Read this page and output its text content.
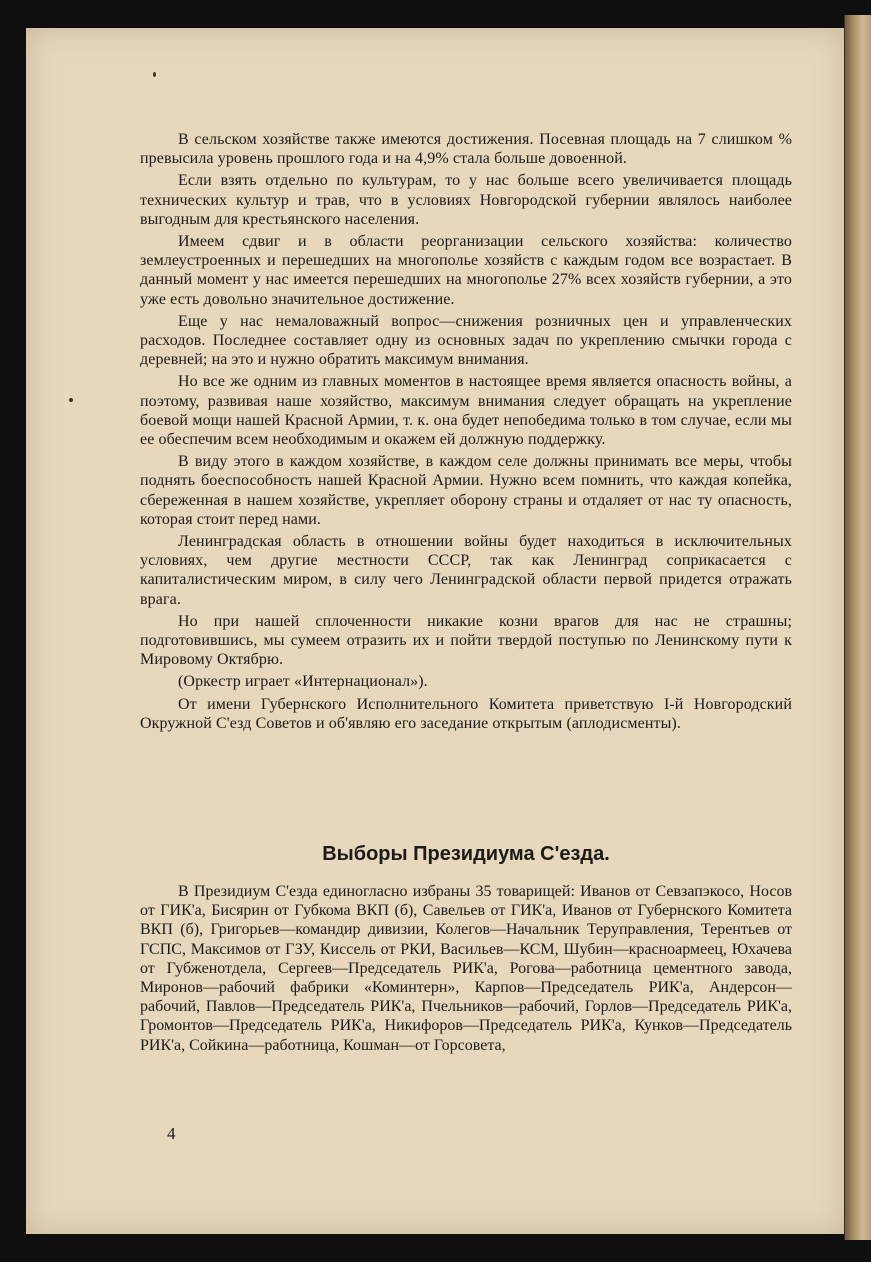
В сельском хозяйстве также имеются достижения. Посевная площадь на 7 слишком % превысила уровень прошлого года и на 4,9% стала больше довоенной.

Если взять отдельно по культурам, то у нас больше всего увеличивается площадь технических культур и трав, что в условиях Новгородской губернии являлось наиболее выгодным для крестьянского населения.

Имеем сдвиг и в области реорганизации сельского хозяйства: количество землеустроенных и перешедших на многополье хозяйств с каждым годом все возрастает. В данный момент у нас имеется перешедших на многополье 27% всех хозяйств губернии, а это уже есть довольно значительное достижение.

Еще у нас немаловажный вопрос—снижения розничных цен и управленческих расходов. Последнее составляет одну из основных задач по укреплению смычки города с деревней; на это и нужно обратить максимум внимания.

Но все же одним из главных моментов в настоящее время является опасность войны, а поэтому, развивая наше хозяйство, максимум внимания следует обращать на укрепление боевой мощи нашей Красной Армии, т. к. она будет непобедима только в том случае, если мы ее обеспечим всем необходимым и окажем ей должную поддержку.

В виду этого в каждом хозяйстве, в каждом селе должны принимать все меры, чтобы поднять боеспособность нашей Красной Армии. Нужно всем помнить, что каждая копейка, сбереженная в нашем хозяйстве, укрепляет оборону страны и отдаляет от нас ту опасность, которая стоит перед нами.

Ленинградская область в отношении войны будет находиться в исключительных условиях, чем другие местности СССР, так как Ленинград соприкасается с капиталистическим миром, в силу чего Ленинградской области первой придется отражать врага.

Но при нашей сплоченности никакие козни врагов для нас не страшны; подготовившись, мы сумеем отразить их и пойти твердой поступью по Ленинскому пути к Мировому Октябрю.

(Оркестр играет «Интернационал»).

От имени Губернского Исполнительного Комитета приветствую I-й Новгородский Окружной С'езд Советов и об'являю его заседание открытым (аплодисменты).

Выборы Президиума С'езда.

В Президиум С'езда единогласно избраны 35 товарищей: Иванов от Севзапэкосо, Носов от ГИК'а, Бисярин от Губкома ВКП (б), Савельев от ГИК'а, Иванов от Губернского Комитета ВКП (б), Григорьев—командир дивизии, Колегов—Начальник Теруправления, Терентьев от ГСПС, Максимов от ГЗУ, Киссель от РКИ, Васильев—КСМ, Шубин—красноармеец, Юхачева от Губженотдела, Сергеев—Председатель РИК'а, Рогова—работница цементного завода, Миронов—рабочий фабрики «Коминтерн», Карпов—Председатель РИК'а, Андерсон—рабочий, Павлов—Председатель РИК'а, Пчельников—рабочий, Горлов—Председатель РИК'а, Громонтов—Председатель РИК'а, Никифоров—Председатель РИК'а, Кунков—Председатель РИК'а, Сойкина—работница, Кошман—от Горсовета,

4
